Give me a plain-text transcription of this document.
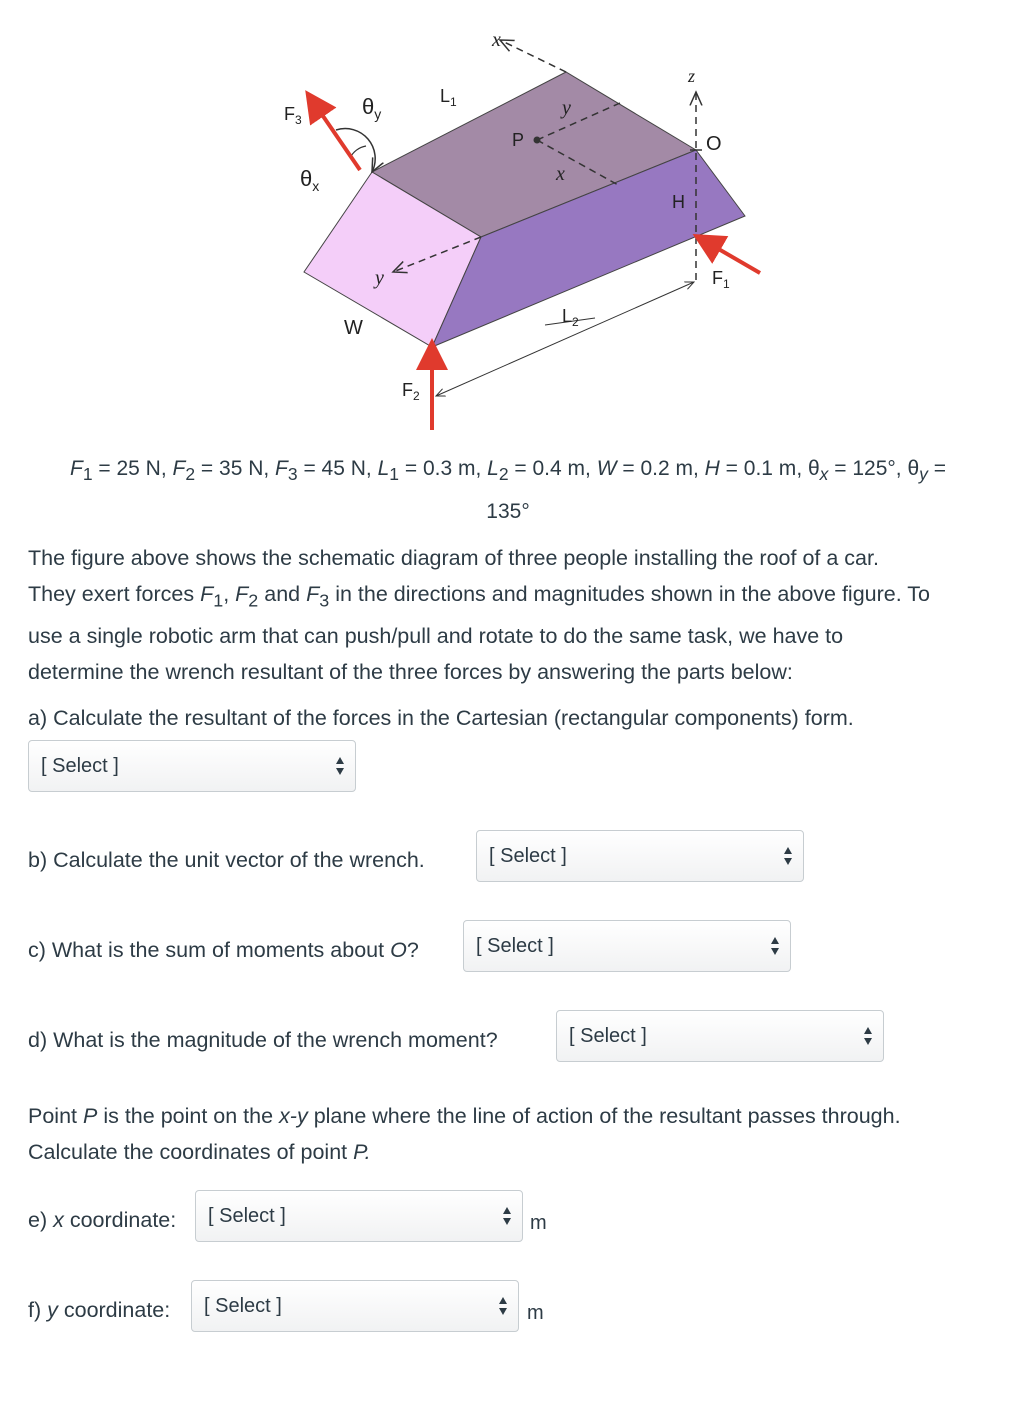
$F_3$
$\theta_y$
$\theta_x$
$L_1$
$L_2$
W
$F_2$
$F_1$
H
O
P
x
y
x
y
z
$F_1 = 25$ N, $F_2 = 35$ N, $F_3 = 45$ N, $L_1 = 0.3$ m, $L_2 = 0.4$ m, W = 0.2 m, H = 0.1 m, $\theta_x = 125^\circ$, $\theta_y$ =
135°
The figure above shows the schematic diagram of three people installing the roof of a car.
They exert forces $F_1$, $F_2$ and $F_3$ in the directions and magnitudes shown in the above figure. To
use a single robotic arm that can push/pull and rotate to do the same task, we have to
determine the wrench resultant of the three forces by answering the parts below:
a) Calculate the resultant of the forces in the Cartesian (rectangular components) form.
[ Select ]
b) Calculate the unit vector of the wrench.	[ Select ]
c) What is the sum of moments about
O ?	[ Select ]
d) What is the magnitude of the wrench moment?	[ Select ]
Point P is the point on the x-y plane where the line of action of the resultant passes through.
Calculate the coordinates of point P.
e)
x
coordinate: [ Select ]	m
f)
y
coordinate: [ Select ]	m
